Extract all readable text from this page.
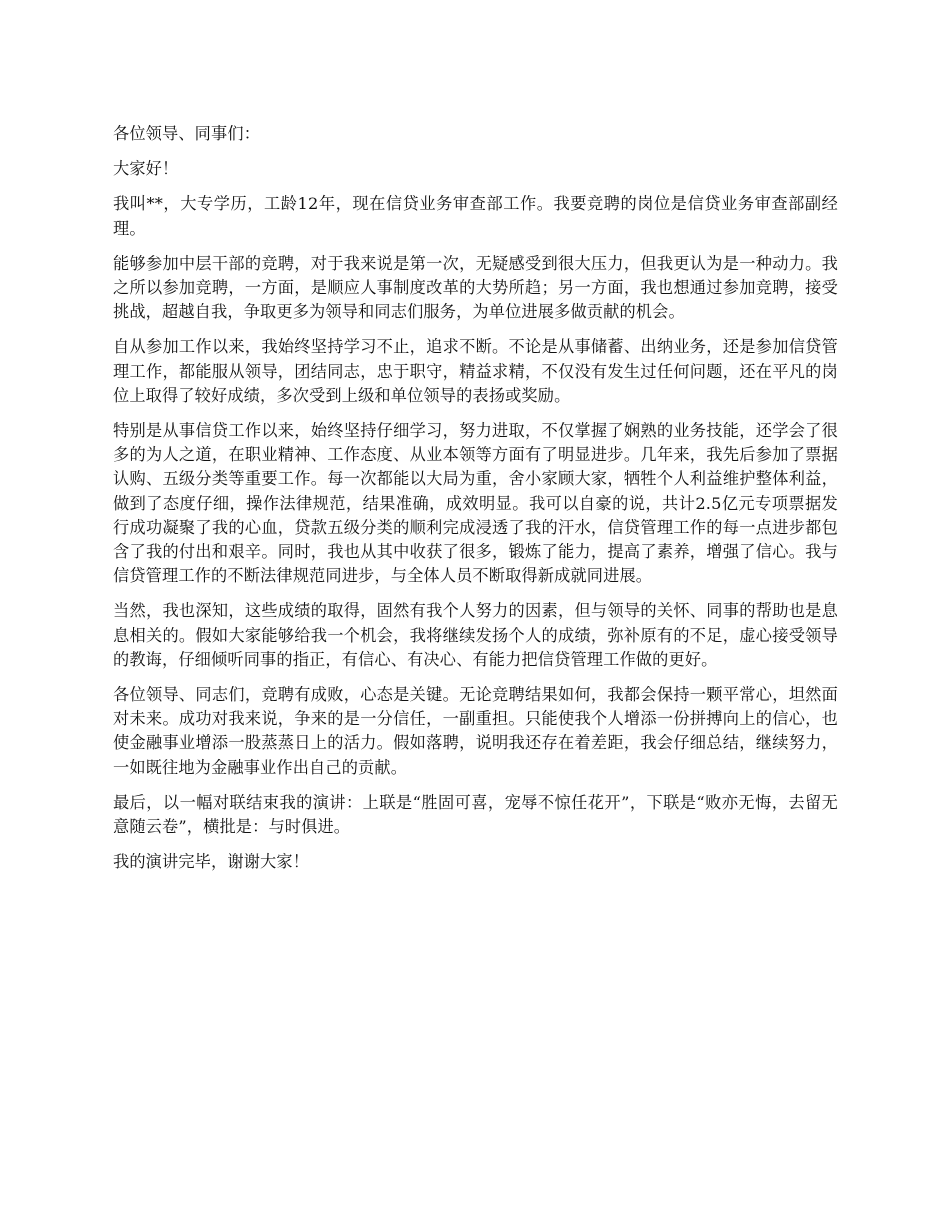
各位领导、同事们：

大家好！

我叫**，大专学历，工龄12年，现在信贷业务审查部工作。我要竞聘的岗位是信贷业务审查部副经理。

能够参加中层干部的竞聘，对于我来说是第一次，无疑感受到很大压力，但我更认为是一种动力。我之所以参加竞聘，一方面，是顺应人事制度改革的大势所趋；另一方面，我也想通过参加竞聘，接受挑战，超越自我，争取更多为领导和同志们服务，为单位进展多做贡献的机会。

自从参加工作以来，我始终坚持学习不止，追求不断。不论是从事储蓄、出纳业务，还是参加信贷管理工作，都能服从领导，团结同志，忠于职守，精益求精，不仅没有发生过任何问题，还在平凡的岗位上取得了较好成绩，多次受到上级和单位领导的表扬或奖励。

特别是从事信贷工作以来，始终坚持仔细学习，努力进取，不仅掌握了娴熟的业务技能，还学会了很多的为人之道，在职业精神、工作态度、从业本领等方面有了明显进步。几年来，我先后参加了票据认购、五级分类等重要工作。每一次都能以大局为重，舍小家顾大家，牺牲个人利益维护整体利益，做到了态度仔细，操作法律规范，结果准确，成效明显。我可以自豪的说，共计2.5亿元专项票据发行成功凝聚了我的心血，贷款五级分类的顺利完成浸透了我的汗水，信贷管理工作的每一点进步都包含了我的付出和艰辛。同时，我也从其中收获了很多，锻炼了能力，提高了素养，增强了信心。我与信贷管理工作的不断法律规范同进步，与全体人员不断取得新成就同进展。

当然，我也深知，这些成绩的取得，固然有我个人努力的因素，但与领导的关怀、同事的帮助也是息息相关的。假如大家能够给我一个机会，我将继续发扬个人的成绩，弥补原有的不足，虚心接受领导的教诲，仔细倾听同事的指正，有信心、有决心、有能力把信贷管理工作做的更好。

各位领导、同志们，竞聘有成败，心态是关键。无论竞聘结果如何，我都会保持一颗平常心，坦然面对未来。成功对我来说，争来的是一分信任，一副重担。只能使我个人增添一份拼搏向上的信心，也使金融事业增添一股蒸蒸日上的活力。假如落聘，说明我还存在着差距，我会仔细总结，继续努力，一如既往地为金融事业作出自己的贡献。

最后，以一幅对联结束我的演讲：上联是“胜固可喜，宠辱不惊任花开”，下联是“败亦无悔，去留无意随云卷”，横批是：与时俱进。

我的演讲完毕，谢谢大家！
